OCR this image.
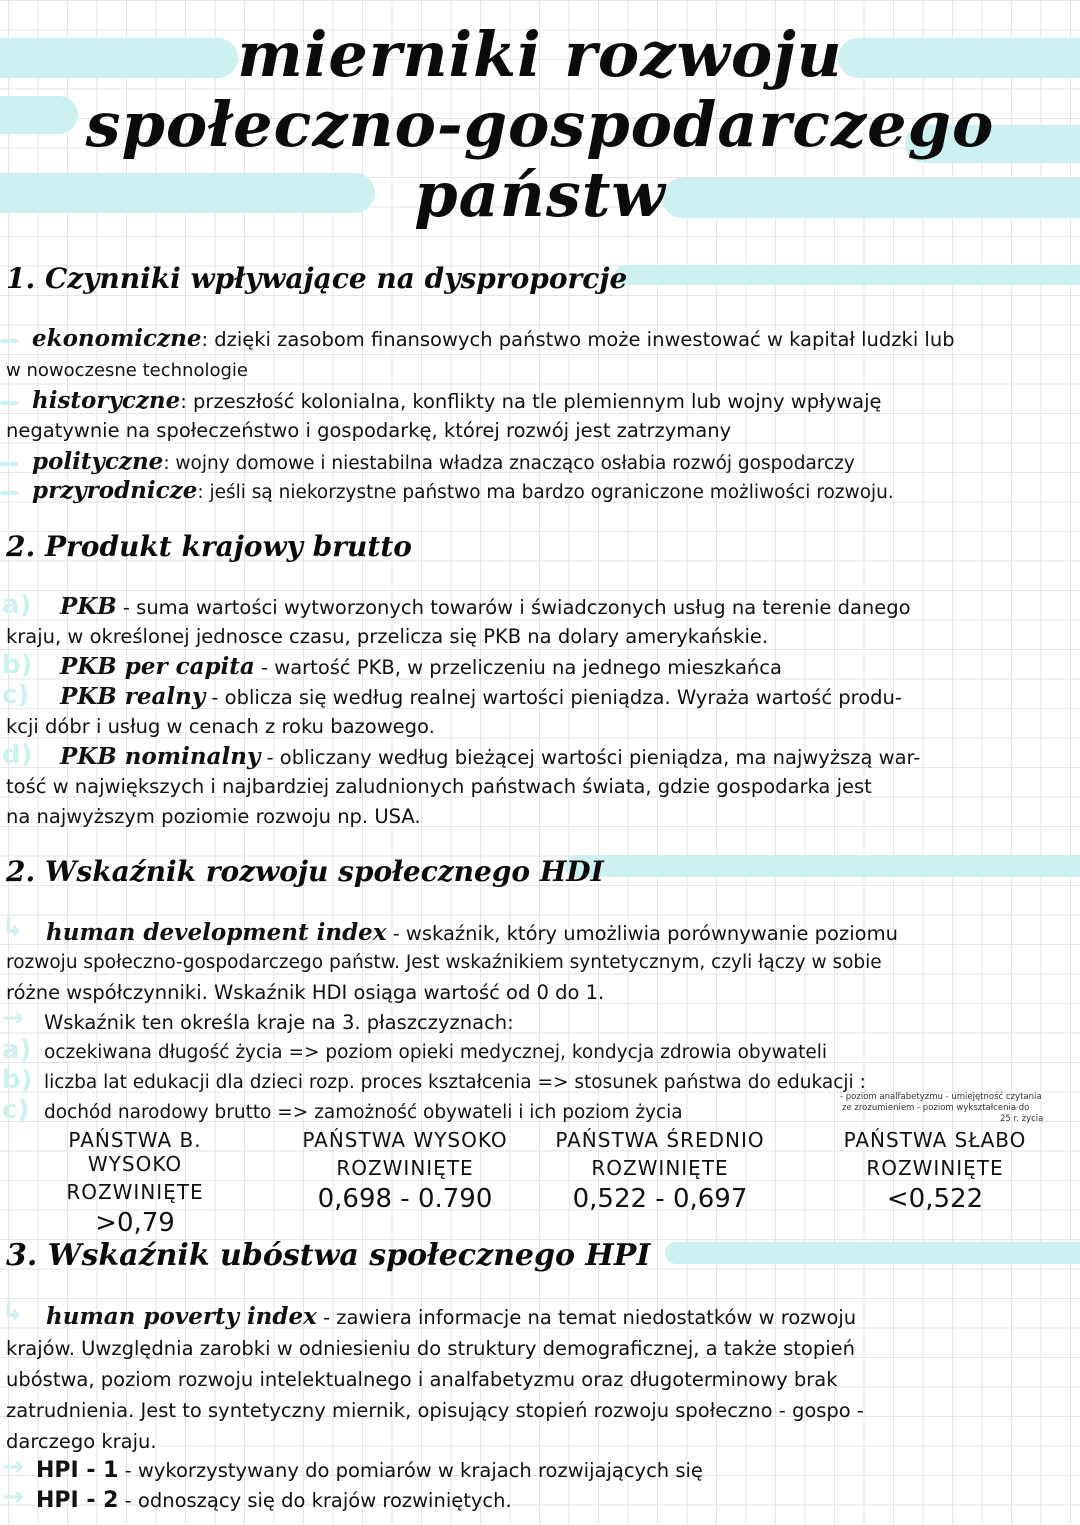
mierniki rozwoju
społeczno-gospodarczego
państw
1. Czynniki wpływające na dysproporcje
ekonomiczne: dzięki zasobom finansowych państwo może inwestować w kapitał ludzki lub
w nowoczesne technologie
historyczne: przeszłość kolonialna, konflikty na tle plemiennym lub wojny wpływaję
negatywnie na społeczeństwo i gospodarkę, której rozwój jest zatrzymany
polityczne: wojny domowe i niestabilna władza znacząco osłabia rozwój gospodarczy
przyrodnicze: jeśli są niekorzystne państwo ma bardzo ograniczone możliwości rozwoju.
2. Produkt krajowy brutto
a) PKB - suma wartości wytworzonych towarów i świadczonych usług na terenie danego
kraju, w określonej jednosce czasu, przelicza się PKB na dolary amerykańskie.
b) PKB per capita - wartość PKB, w przeliczeniu na jednego mieszkańca
c) PKB realny - oblicza się według realnej wartości pieniądza. Wyraża wartość produ-
kcji dóbr i usług w cenach z roku bazowego.
d) PKB nominalny - obliczany według bieżącej wartości pieniądza, ma najwyższą war-
tość w największych i najbardziej zaludnionych państwach świata, gdzie gospodarka jest
na najwyższym poziomie rozwoju np. USA.
2. Wskaźnik rozwoju społecznego HDI
↳ human development index - wskaźnik, który umożliwia porównywanie poziomu
rozwoju społeczno-gospodarczego państw. Jest wskaźnikiem syntetycznym, czyli łączy w sobie
różne współczynniki. Wskaźnik HDI osiąga wartość od 0 do 1.
→ Wskaźnik ten określa kraje na 3. płaszczyznach:
a) oczekiwana długość życia => poziom opieki medycznej, kondycja zdrowia obywateli
b) liczba lat edukacji dla dzieci rozp. proces kształcenia => stosunek państwa do edukacji :
c) dochód narodowy brutto => zamożność obywateli i ich poziom życia
- poziom analfabetyzmu - umiejętność czytania
ze zrozumieniem - poziom wykształcenia do
25 r. życia
PAŃSTWA B. WYSOKO
ROZWINIĘTE
>0,79
PAŃSTWA WYSOKO
ROZWINIĘTE
0,698 - 0.790
PAŃSTWA ŚREDNIO
ROZWINIĘTE
0,522 - 0,697
PAŃSTWA SŁABO
ROZWINIĘTE
<0,522
3. Wskaźnik ubóstwa społecznego HPI
↳ human poverty index - zawiera informacje na temat niedostatków w rozwoju
krajów. Uwzględnia zarobki w odniesieniu do struktury demograficznej, a także stopień
ubóstwa, poziom rozwoju intelektualnego i analfabetyzmu oraz długoterminowy brak
zatrudnienia. Jest to syntetyczny miernik, opisujący stopień rozwoju społeczno - gospo -
darczego kraju.
→ HPI - 1 - wykorzystywany do pomiarów w krajach rozwijających się
→ HPI - 2 - odnoszący się do krajów rozwiniętych.
